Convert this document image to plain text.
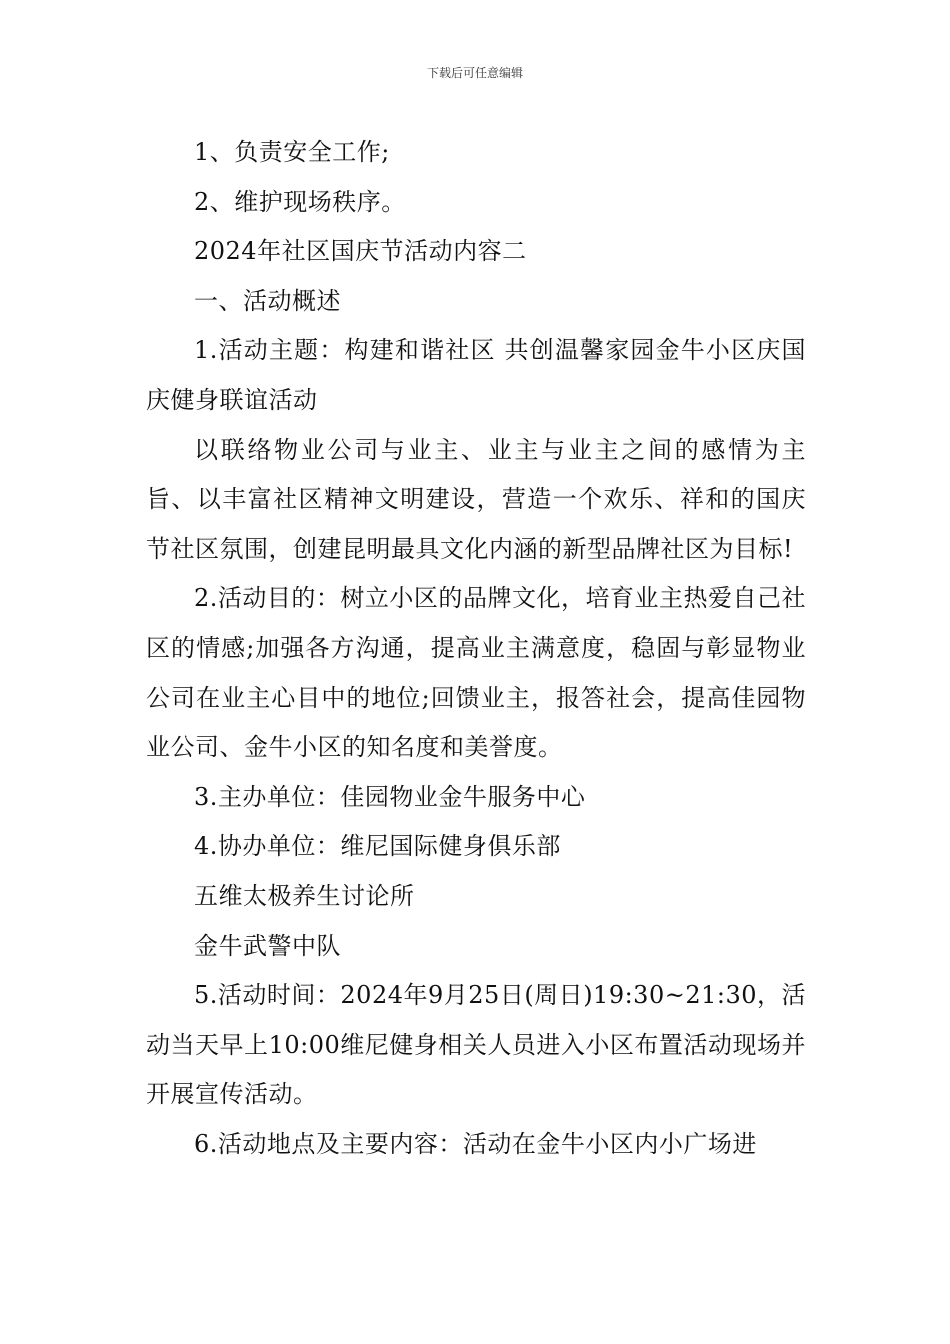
下载后可任意编辑

1、负责安全工作;

2、维护现场秩序。

2024年社区国庆节活动内容二

一、活动概述

1.活动主题：构建和谐社区 共创温馨家园金牛小区庆国庆健身联谊活动

以联络物业公司与业主、业主与业主之间的感情为主旨、以丰富社区精神文明建设，营造一个欢乐、祥和的国庆节社区氛围，创建昆明最具文化内涵的新型品牌社区为目标!

2.活动目的：树立小区的品牌文化，培育业主热爱自己社区的情感;加强各方沟通，提高业主满意度，稳固与彰显物业公司在业主心目中的地位;回馈业主，报答社会，提高佳园物业公司、金牛小区的知名度和美誉度。

3.主办单位：佳园物业金牛服务中心

4.协办单位：维尼国际健身俱乐部

五维太极养生讨论所

金牛武警中队

5.活动时间：2024年9月25日(周日)19:30~21:30，活动当天早上10:00维尼健身相关人员进入小区布置活动现场并开展宣传活动。

6.活动地点及主要内容：活动在金牛小区内小广场进
